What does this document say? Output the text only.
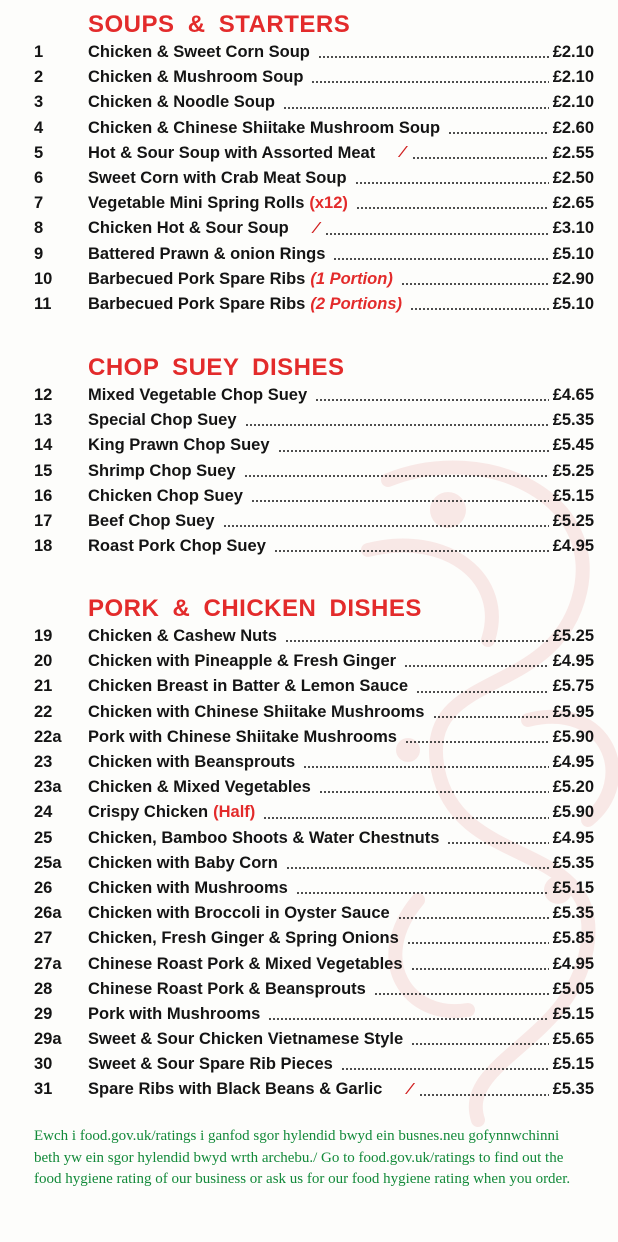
SOUPS & STARTERS
1	Chicken & Sweet Corn Soup	£2.10
2	Chicken & Mushroom Soup	£2.10
3	Chicken & Noodle Soup	£2.10
4	Chicken & Chinese Shiitake Mushroom Soup	£2.60
5	Hot & Sour Soup with Assorted Meat ∕	£2.55
6	Sweet Corn with Crab Meat Soup	£2.50
7	Vegetable Mini Spring Rolls (x12)	£2.65
8	Chicken Hot & Sour Soup ∕	£3.10
9	Battered Prawn & onion Rings	£5.10
10	Barbecued Pork Spare Ribs (1 Portion)	£2.90
11	Barbecued Pork Spare Ribs (2 Portions)	£5.10
CHOP SUEY DISHES
12	Mixed Vegetable Chop Suey	£4.65
13	Special Chop Suey	£5.35
14	King Prawn Chop Suey	£5.45
15	Shrimp Chop Suey	£5.25
16	Chicken Chop Suey	£5.15
17	Beef Chop Suey	£5.25
18	Roast Pork Chop Suey	£4.95
PORK & CHICKEN DISHES
19	Chicken & Cashew Nuts	£5.25
20	Chicken with Pineapple & Fresh Ginger	£4.95
21	Chicken Breast in Batter & Lemon Sauce	£5.75
22	Chicken with Chinese Shiitake Mushrooms	£5.95
22a	Pork with Chinese Shiitake Mushrooms	£5.90
23	Chicken with Beansprouts	£4.95
23a	Chicken & Mixed Vegetables	£5.20
24	Crispy Chicken (Half)	£5.90
25	Chicken, Bamboo Shoots & Water Chestnuts	£4.95
25a	Chicken with Baby Corn	£5.35
26	Chicken with Mushrooms	£5.15
26a	Chicken with Broccoli in Oyster Sauce	£5.35
27	Chicken, Fresh Ginger & Spring Onions	£5.85
27a	Chinese Roast Pork & Mixed Vegetables	£4.95
28	Chinese Roast Pork & Beansprouts	£5.05
29	Pork with Mushrooms	£5.15
29a	Sweet & Sour Chicken Vietnamese Style	£5.65
30	Sweet & Sour Spare Rib Pieces	£5.15
31	Spare Ribs with Black Beans & Garlic ∕	£5.35
Ewch i food.gov.uk/ratings i ganfod sgor hylendid bwyd ein busnes.neu gofynnwchinni beth yw ein sgor hylendid bwyd wrth archebu./ Go to food.gov.uk/ratings to find out the food hygiene rating of our business or ask us for our food hygiene rating when you order.
